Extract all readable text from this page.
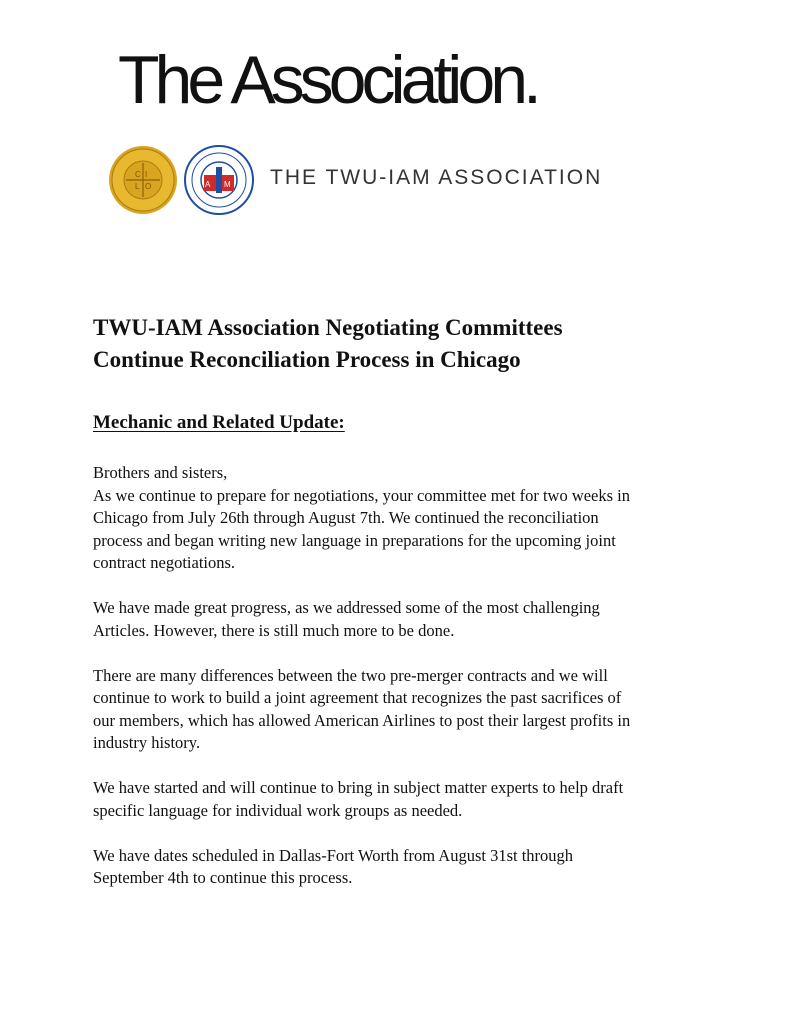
The Association.
C I
L O	A M THE TWU-IAM ASSOCIATION
TWU-IAM Association Negotiating Committees
Continue Reconciliation Process in Chicago
Mechanic and Related Update:

Brothers and sisters,
As we continue to prepare for negotiations, your committee met for two weeks in
Chicago from July 26th through August 7th. We continued the reconciliation
process and began writing new language in preparations for the upcoming joint
contract negotiations.

We have made great progress, as we addressed some of the most challenging
Articles. However, there is still much more to be done.

There are many differences between the two pre-merger contracts and we will
continue to work to build a joint agreement that recognizes the past sacrifices of
our members, which has allowed American Airlines to post their largest profits in
industry history.

We have started and will continue to bring in subject matter experts to help draft
specific language for individual work groups as needed.

We have dates scheduled in Dallas-Fort Worth from August 31st through
September 4th to continue this process.
